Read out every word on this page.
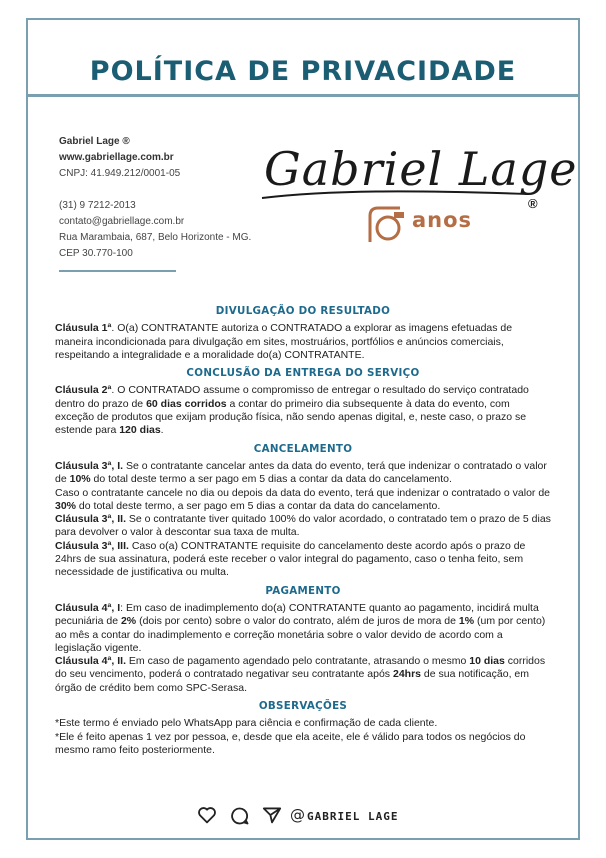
POLÍTICA DE PRIVACIDADE
Gabriel Lage ®
www.gabriellage.com.br
CNPJ: 41.949.212/0001-05
(31) 9 7212-2013
contato@gabriellage.com.br
Rua Marambaia, 687, Belo Horizonte - MG.
CEP 30.770-100
Gabriel Lage
®
anos
DIVULGAÇÃO DO RESULTADO

Cláusula 1ª. O(a) CONTRATANTE autoriza o CONTRATADO a explorar as imagens efetuadas de maneira incondicionada para divulgação em sites, mostruários, portfólios e anúncios comerciais, respeitando a integralidade e a moralidade do(a) CONTRATANTE.

CONCLUSÃO DA ENTREGA DO SERVIÇO

Cláusula 2ª. O CONTRATADO assume o compromisso de entregar o resultado do serviço contratado dentro do prazo de 60 dias corridos a contar do primeiro dia subsequente à data do evento, com exceção de produtos que exijam produção física, não sendo apenas digital, e, neste caso, o prazo se estende para 120 dias.

CANCELAMENTO

Cláusula 3ª, I. Se o contratante cancelar antes da data do evento, terá que indenizar o contratado o valor de 10% do total deste termo a ser pago em 5 dias a contar da data do cancelamento.

Caso o contratante cancele no dia ou depois da data do evento, terá que indenizar o contratado o valor de 30% do total deste termo, a ser pago em 5 dias a contar da data do cancelamento.

Cláusula 3ª, II. Se o contratante tiver quitado 100% do valor acordado, o contratado tem o prazo de 5 dias para devolver o valor à descontar sua taxa de multa.

Cláusula 3ª, III. Caso o(a) CONTRATANTE requisite do cancelamento deste acordo após o prazo de 24hrs de sua assinatura, poderá este receber o valor integral do pagamento, caso o tenha feito, sem necessidade de justificativa ou multa.

PAGAMENTO

Cláusula 4ª, I: Em caso de inadimplemento do(a) CONTRATANTE quanto ao pagamento, incidirá multa pecuniária de 2% (dois por cento) sobre o valor do contrato, além de juros de mora de 1% (um por cento) ao mês a contar do inadimplemento e correção monetária sobre o valor devido de acordo com a legislação vigente.

Cláusula 4ª, II. Em caso de pagamento agendado pelo contratante, atrasando o mesmo 10 dias corridos do seu vencimento, poderá o contratado negativar seu contratante após 24hrs de sua notificação, em órgão de crédito bem como SPC-Serasa.

OBSERVAÇÕES

*Este termo é enviado pelo WhatsApp para ciência e confirmação de cada cliente.

*Ele é feito apenas 1 vez por pessoa, e, desde que ela aceite, ele é válido para todos os negócios do mesmo ramo feito posteriormente.

@GABRIEL LAGE
